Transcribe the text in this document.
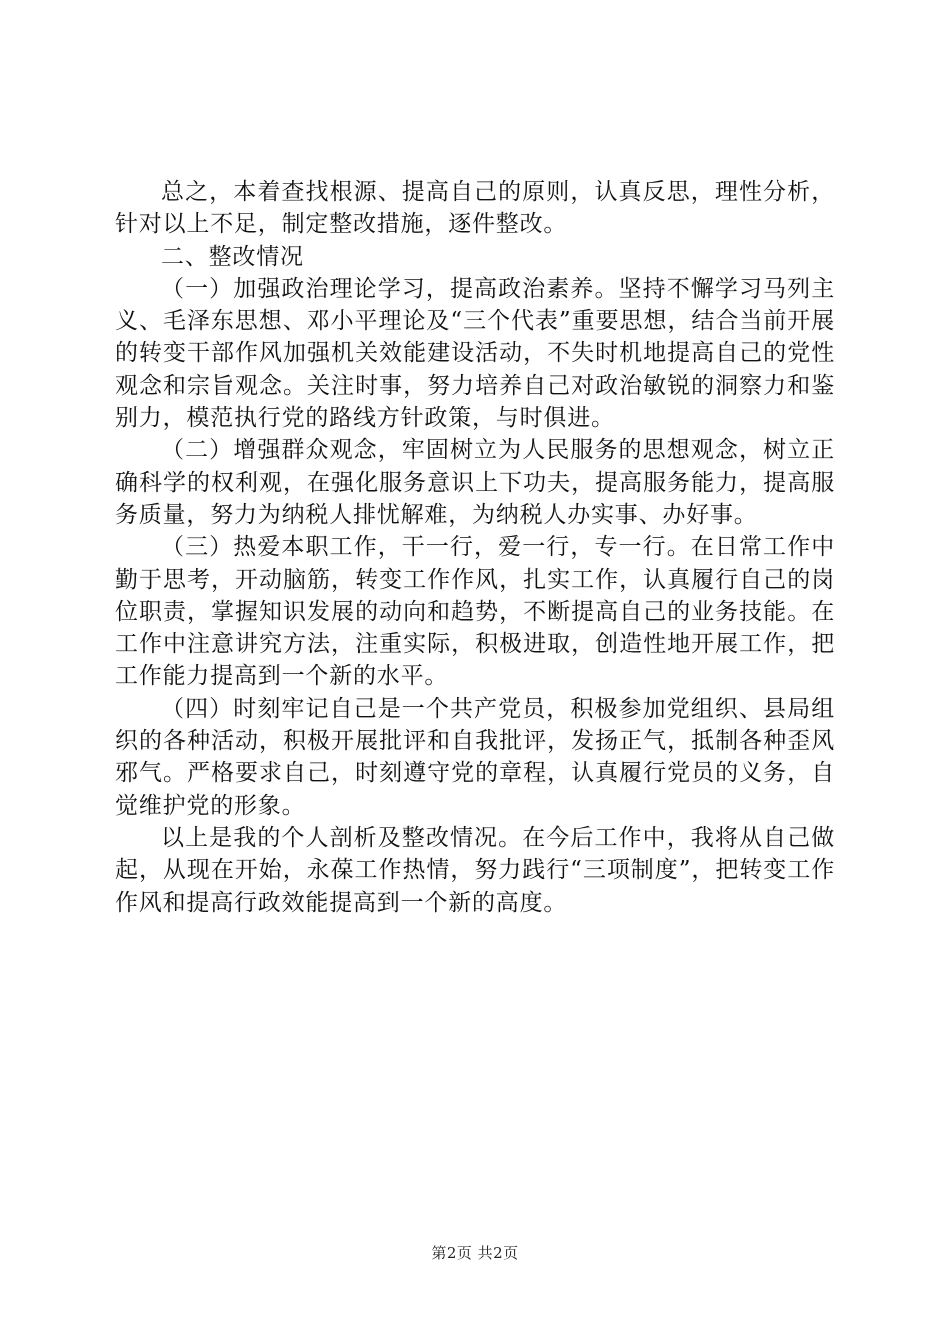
总之，本着查找根源、提高自己的原则，认真反思，理性分析，针对以上不足，制定整改措施，逐件整改。

二、整改情况

（一）加强政治理论学习，提高政治素养。坚持不懈学习马列主义、毛泽东思想、邓小平理论及“三个代表”重要思想，结合当前开展的转变干部作风加强机关效能建设活动，不失时机地提高自己的党性观念和宗旨观念。关注时事，努力培养自己对政治敏锐的洞察力和鉴别力，模范执行党的路线方针政策，与时俱进。

（二）增强群众观念，牢固树立为人民服务的思想观念，树立正确科学的权利观，在强化服务意识上下功夫，提高服务能力，提高服务质量，努力为纳税人排忧解难，为纳税人办实事、办好事。

（三）热爱本职工作，干一行，爱一行，专一行。在日常工作中勤于思考，开动脑筋，转变工作作风，扎实工作，认真履行自己的岗位职责，掌握知识发展的动向和趋势，不断提高自己的业务技能。在工作中注意讲究方法，注重实际，积极进取，创造性地开展工作，把工作能力提高到一个新的水平。

（四）时刻牢记自己是一个共产党员，积极参加党组织、县局组织的各种活动，积极开展批评和自我批评，发扬正气，抵制各种歪风邪气。严格要求自己，时刻遵守党的章程，认真履行党员的义务，自觉维护党的形象。

以上是我的个人剖析及整改情况。在今后工作中，我将从自己做起，从现在开始，永葆工作热情，努力践行“三项制度”，把转变工作作风和提高行政效能提高到一个新的高度。

第2页 共2页
